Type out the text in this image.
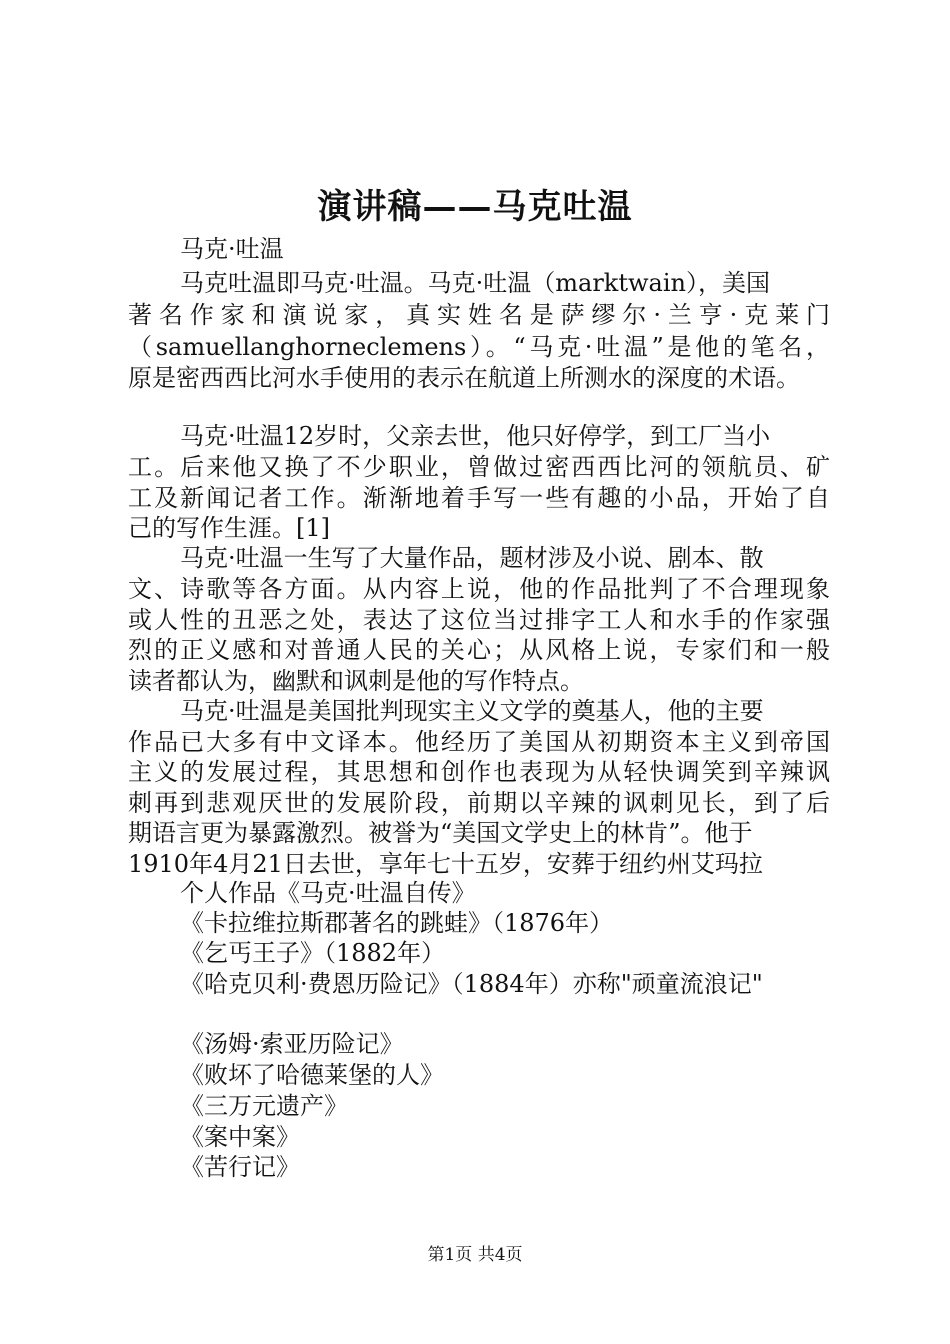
演讲稿——马克吐温
马克·吐温
马克吐温即马克·吐温。马克·吐温（marktwain），美国
著名作家和演说家，真实姓名是萨缪尔·兰亨·克莱门
（samuellanghorneclemens）。“马克·吐温”是他的笔名，
原是密西西比河水手使用的表示在航道上所测水的深度的术语。
马克·吐温12岁时，父亲去世，他只好停学，到工厂当小
工。后来他又换了不少职业，曾做过密西西比河的领航员、矿
工及新闻记者工作。渐渐地着手写一些有趣的小品，开始了自
己的写作生涯。[1]
马克·吐温一生写了大量作品，题材涉及小说、剧本、散
文、诗歌等各方面。从内容上说，他的作品批判了不合理现象
或人性的丑恶之处，表达了这位当过排字工人和水手的作家强
烈的正义感和对普通人民的关心；从风格上说，专家们和一般
读者都认为，幽默和讽刺是他的写作特点。
马克·吐温是美国批判现实主义文学的奠基人，他的主要
作品已大多有中文译本。他经历了美国从初期资本主义到帝国
主义的发展过程，其思想和创作也表现为从轻快调笑到辛辣讽
刺再到悲观厌世的发展阶段，前期以辛辣的讽刺见长，到了后
期语言更为暴露激烈。被誉为“美国文学史上的林肯”。他于
1910年4月21日去世，享年七十五岁，安葬于纽约州艾玛拉
个人作品《马克·吐温自传》
《卡拉维拉斯郡著名的跳蛙》（1876年）
《乞丐王子》（1882年）
《哈克贝利·费恩历险记》（1884年）亦称"顽童流浪记"
《汤姆·索亚历险记》
《败坏了哈德莱堡的人》
《三万元遗产》
《案中案》
《苦行记》
第1页 共4页
